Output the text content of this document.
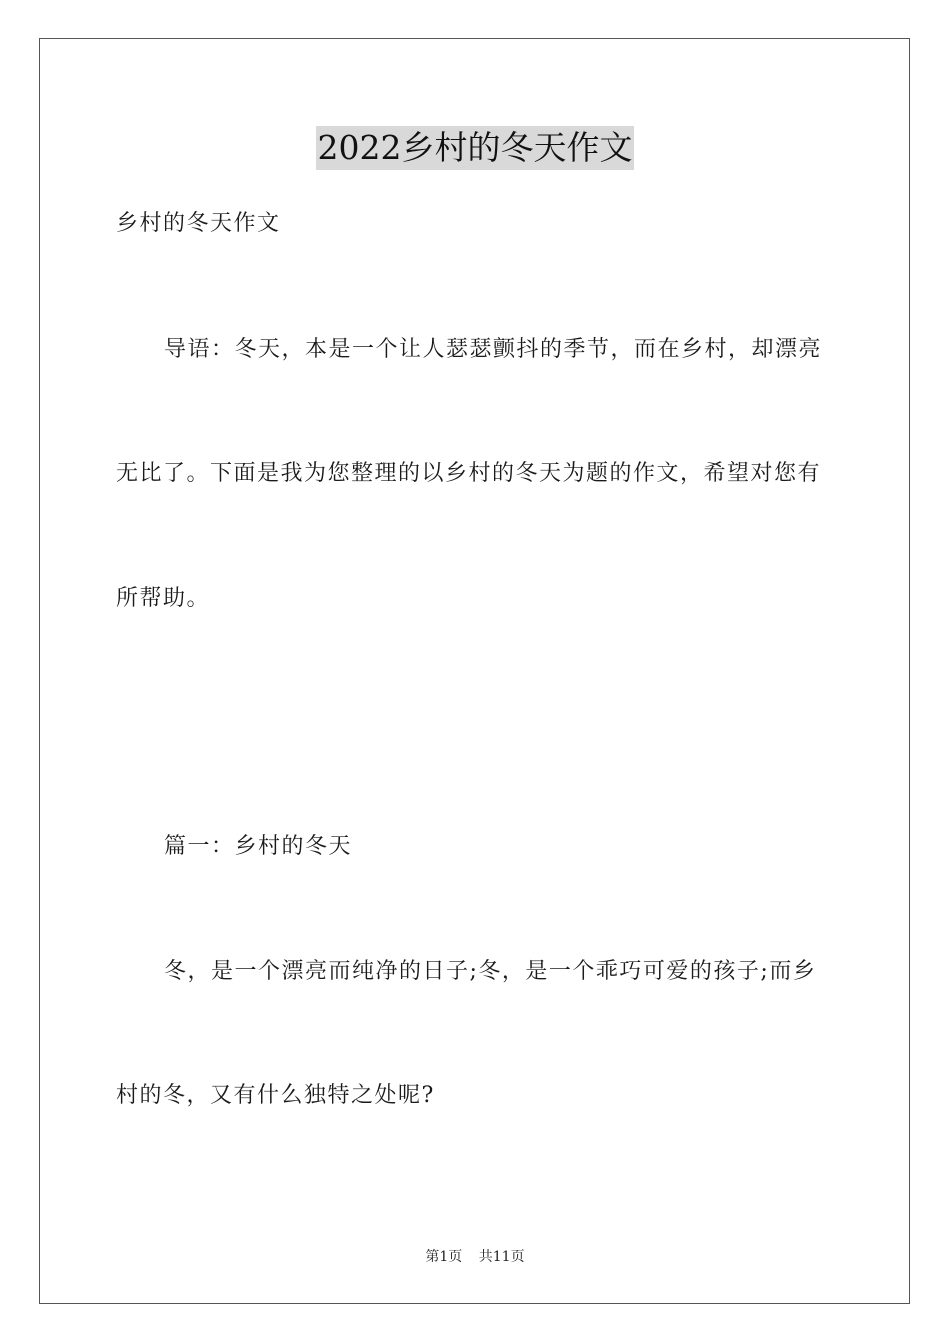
2022乡村的冬天作文
乡村的冬天作文
导语：冬天，本是一个让人瑟瑟颤抖的季节，而在乡村，却漂亮
无比了。下面是我为您整理的以乡村的冬天为题的作文，希望对您有
所帮助。
篇一：乡村的冬天
冬，是一个漂亮而纯净的日子;冬，是一个乖巧可爱的孩子;而乡
村的冬，又有什么独特之处呢?
第1页 共11页
